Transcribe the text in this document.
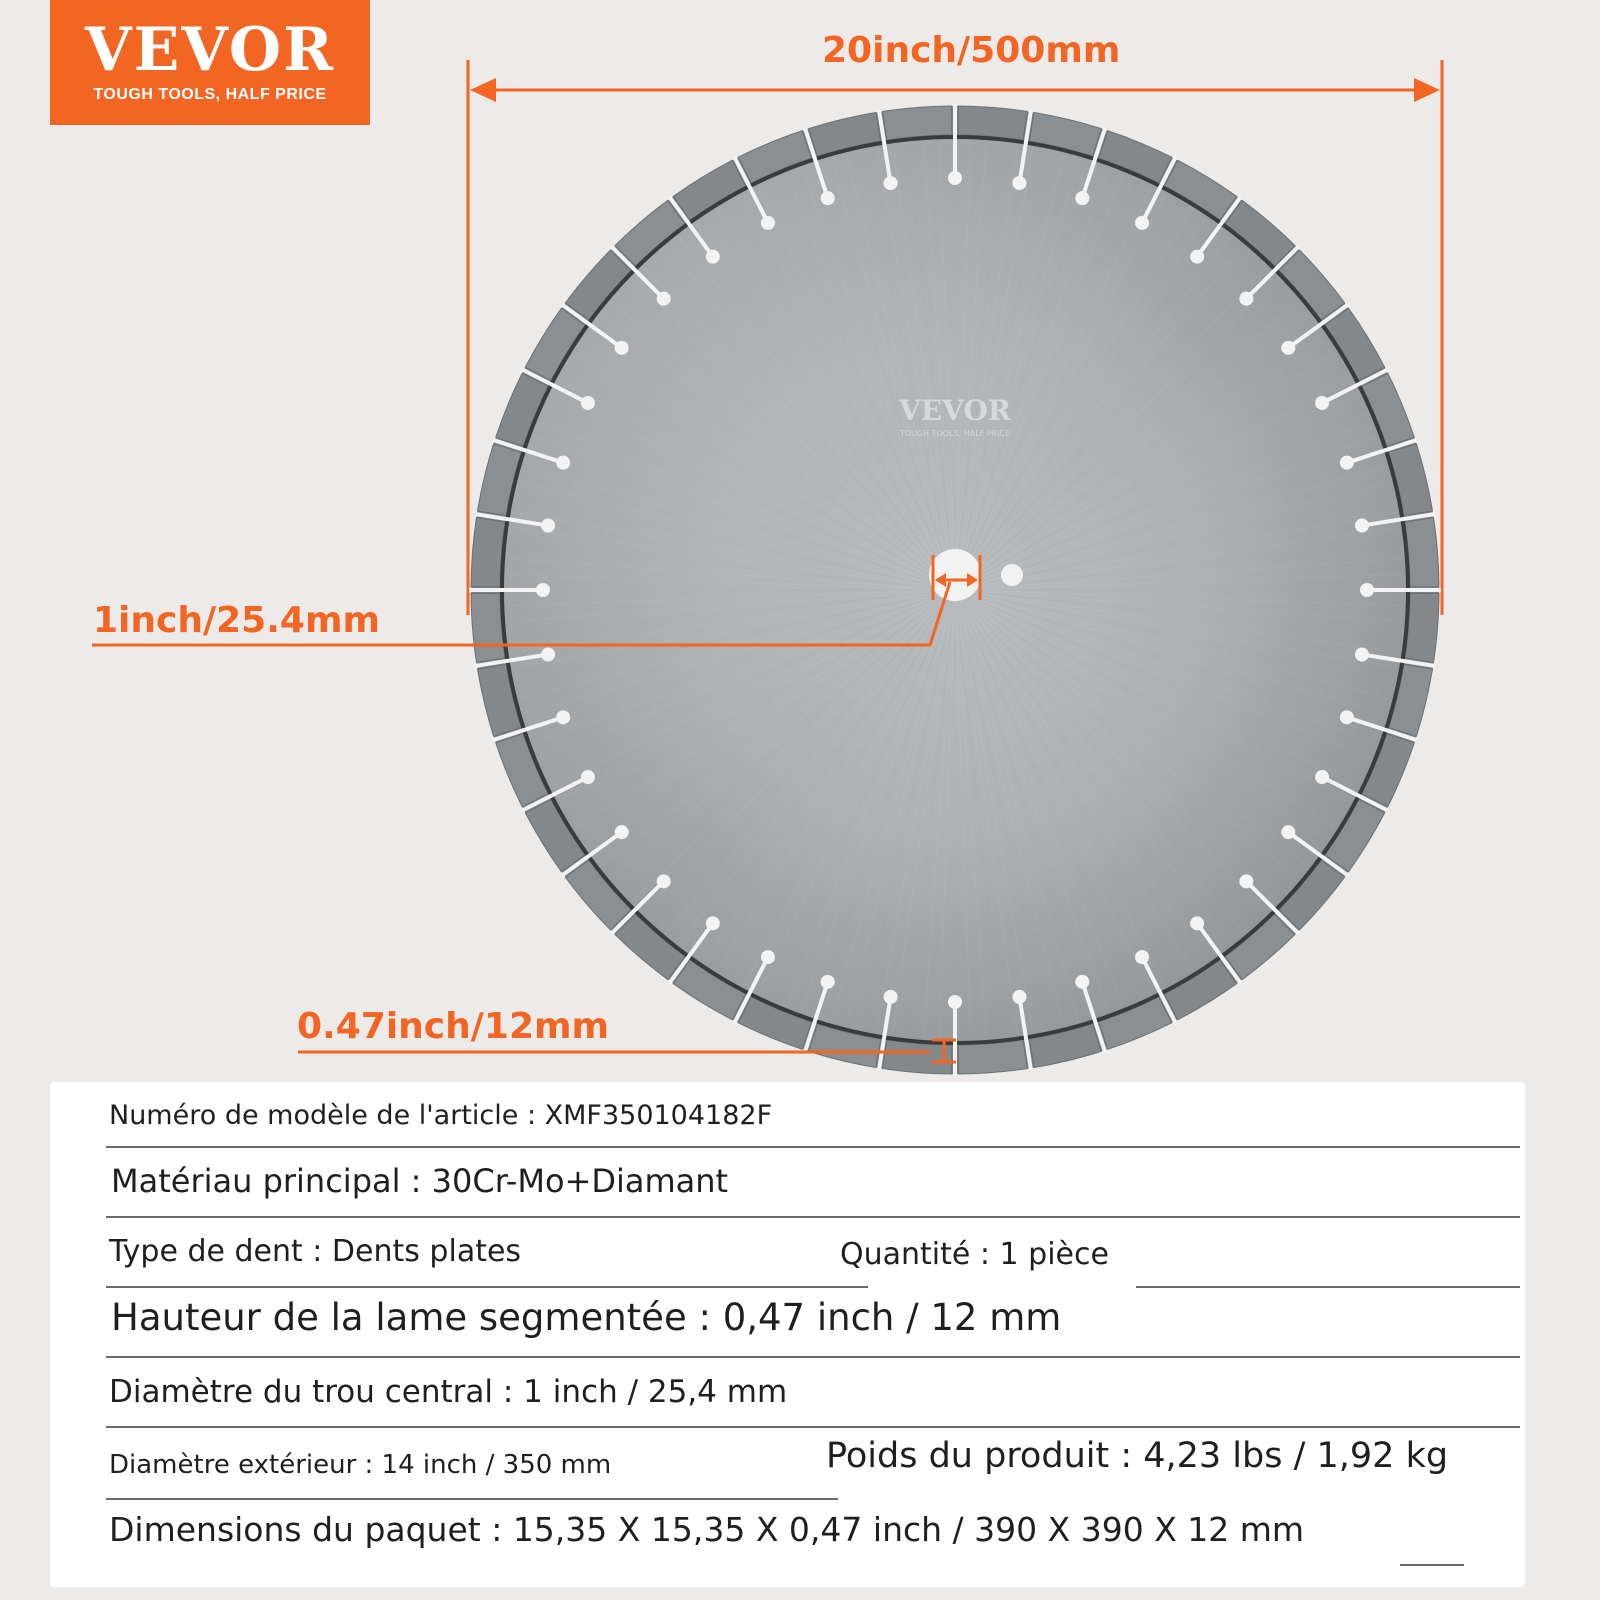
VEVOR
TOUGH TOOLS, HALF PRICE
VEVOR
TOUGH TOOLS, HALF PRICE
20inch/500mm
1inch/25.4mm
0.47inch/12mm
Numéro de modèle de l'article : XMF350104182F
Matériau principal : 30Cr-Mo+Diamant
Type de dent : Dents plates	Quantité : 1 pièce
Hauteur de la lame segmentée : 0,47 inch / 12 mm
Diamètre du trou central : 1 inch / 25,4 mm
Diamètre extérieur : 14 inch / 350 mm	Poids du produit : 4,23 lbs / 1,92 kg
Dimensions du paquet : 15,35 X 15,35 X 0,47 inch / 390 X 390 X 12 mm
